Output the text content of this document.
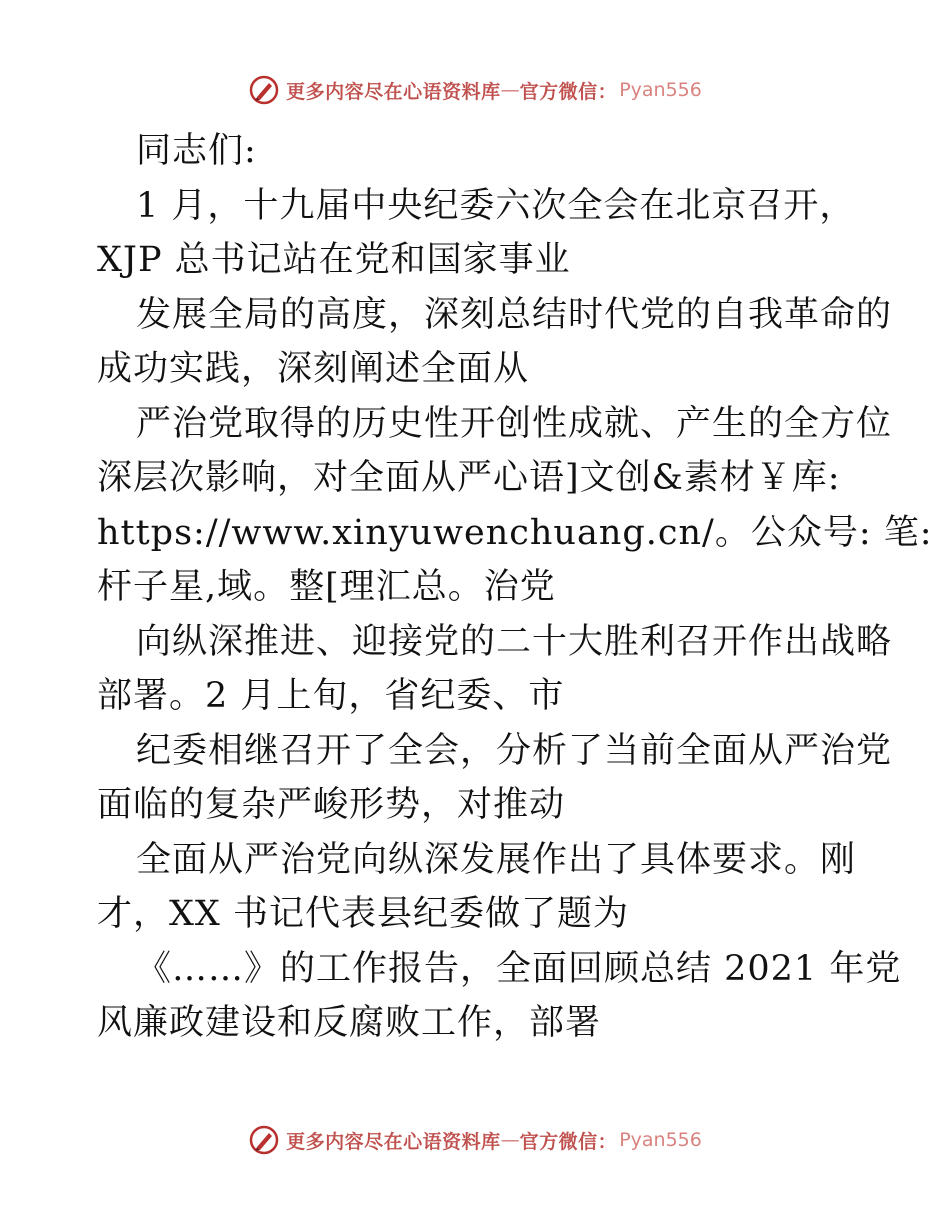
更多内容尽在心语资料库 — 官方微信： Pyan556
同志们:
1 月，十九届中央纪委六次全会在北京召开，
XJP 总书记站在党和国家事业
发展全局的高度，深刻总结时代党的自我革命的
成功实践，深刻阐述全面从
严治党取得的历史性开创性成就、产生的全方位
深层次影响，对全面从严心语]文创&素材￥库:
https://www.xinyuwenchuang.cn/。公众号: 笔:
杆子星,域。整[理汇总。治党
向纵深推进、迎接党的二十大胜利召开作出战略
部署。2 月上旬，省纪委、市
纪委相继召开了全会，分析了当前全面从严治党
面临的复杂严峻形势，对推动
全面从严治党向纵深发展作出了具体要求。刚
才，XX 书记代表县纪委做了题为
《……》的工作报告，全面回顾总结 2021 年党
风廉政建设和反腐败工作，部署
更多内容尽在心语资料库 — 官方微信： Pyan556
